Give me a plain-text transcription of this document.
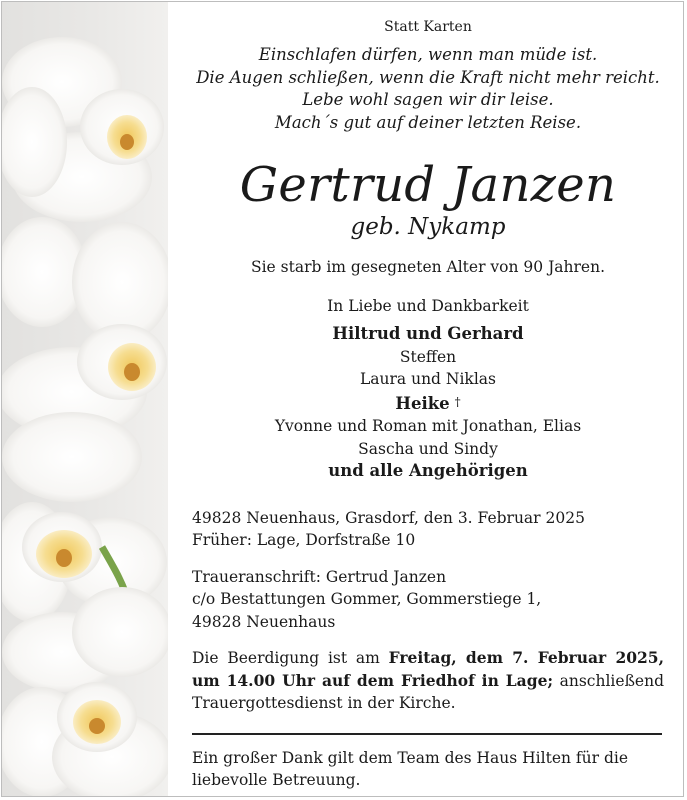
Statt Karten
Einschlafen dürfen, wenn man müde ist.
Die Augen schließen, wenn die Kraft nicht mehr reicht.
Lebe wohl sagen wir dir leise.
Mach´s gut auf deiner letzten Reise.
Gertrud Janzen
geb. Nykamp
Sie starb im gesegneten Alter von 90 Jahren.
In Liebe und Dankbarkeit
Hiltrud und Gerhard
Steffen
Laura und Niklas
Heike †
Yvonne und Roman mit Jonathan, Elias
Sascha und Sindy
und alle Angehörigen
49828 Neuenhaus, Grasdorf, den 3. Februar 2025
Früher: Lage, Dorfstraße 10
Traueranschrift: Gertrud Janzen
c/o Bestattungen Gommer, Gommerstiege 1,
49828 Neuenhaus
Die Beerdigung ist am Freitag, dem 7. Februar 2025, um 14.00 Uhr auf dem Friedhof in Lage; anschließend Trauergottesdienst in der Kirche.
Ein großer Dank gilt dem Team des Haus Hilten für die liebevolle Betreuung.
